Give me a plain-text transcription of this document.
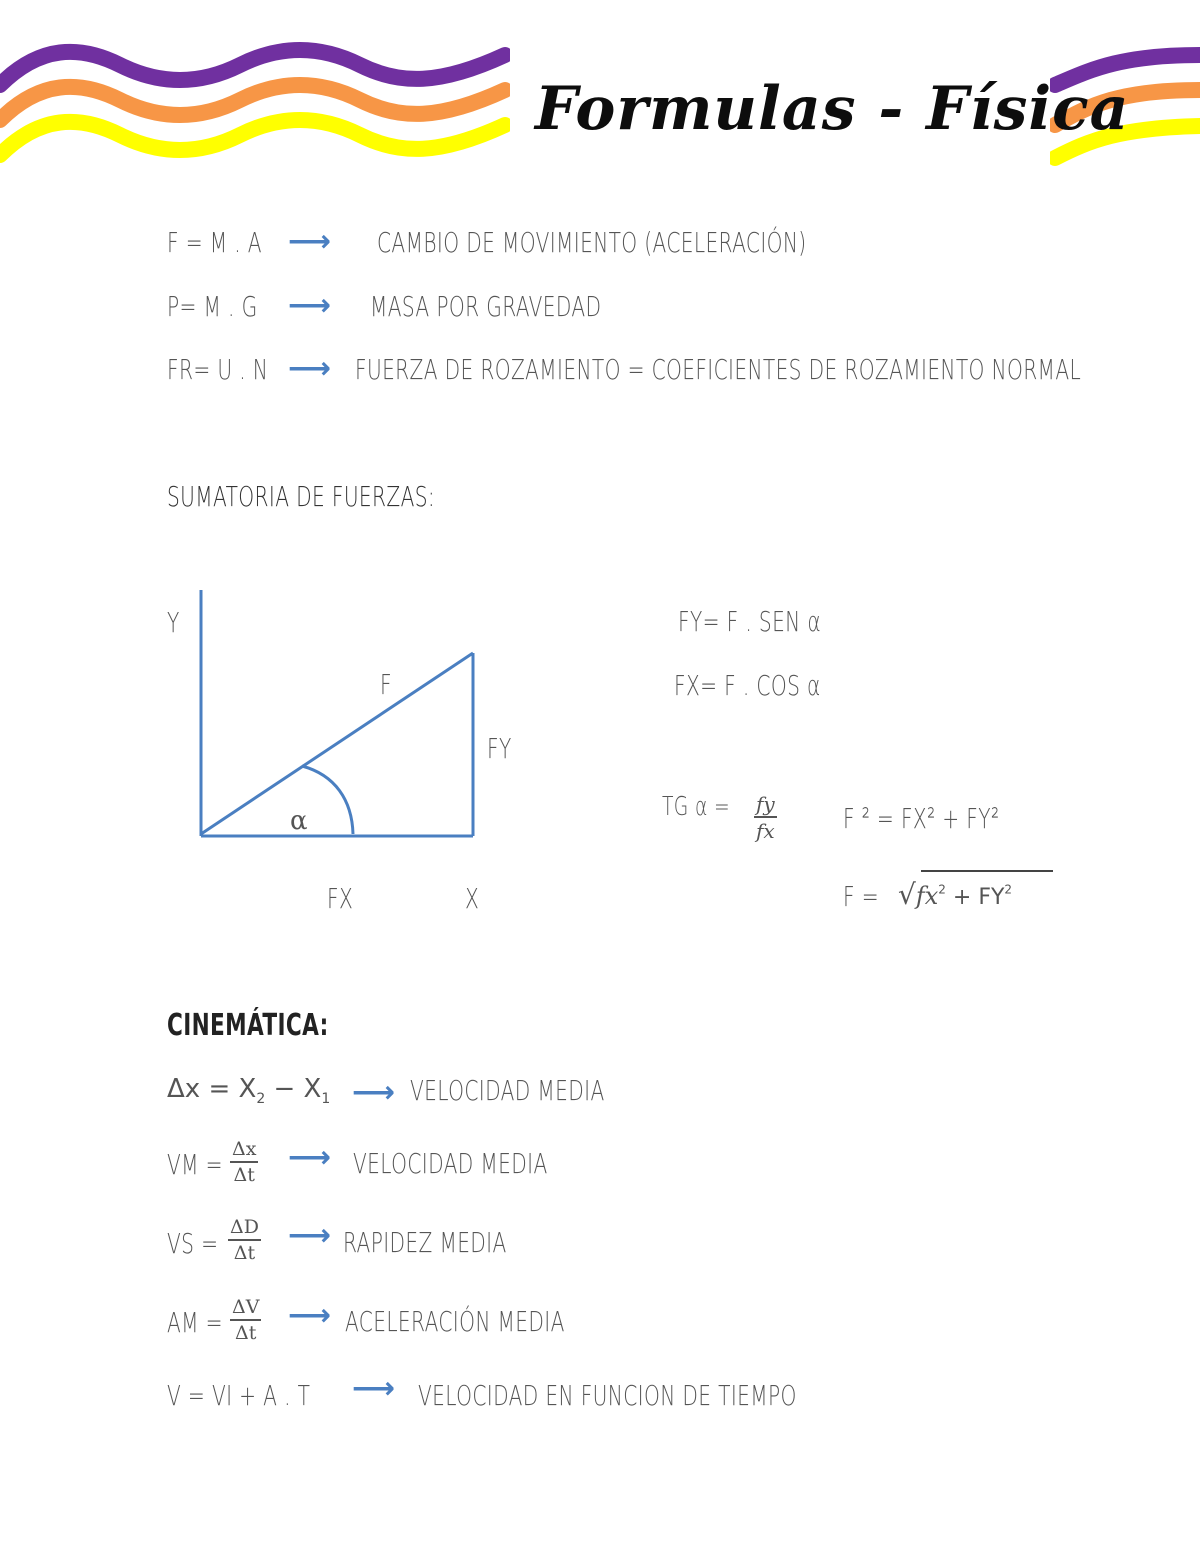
Formulas - Física
F = M . A ⟶ CAMBIO DE MOVIMIENTO (ACELERACIÓN)
P= M . G ⟶ MASA POR GRAVEDAD
FR= U . N ⟶ FUERZA DE ROZAMIENTO = COEFICIENTES DE ROZAMIENTO NORMAL
SUMATORIA DE FUERZAS:
Y
F
FY
α
FX	X
FY= F . SEN α
FX= F . COS α
TG α =	$\frac{fy}{fx}$ F ² = FX² + FY²
$F = √fx^2 + FY^2$
CINEMÁTICA:
$\Delta x = X_2 - X_1$ ⟶ VELOCIDAD MEDIA
VM = $\frac{\Delta x}{\Delta t}$ ⟶ VELOCIDAD MEDIA
VS = $\frac{\Delta D}{\Delta t}$ ⟶ RAPIDEZ MEDIA
AM = $\frac{\Delta V}{\Delta t}$ ⟶ ACELERACIÓN MEDIA
V = VI + A . T ⟶ VELOCIDAD EN FUNCION DE TIEMPO
